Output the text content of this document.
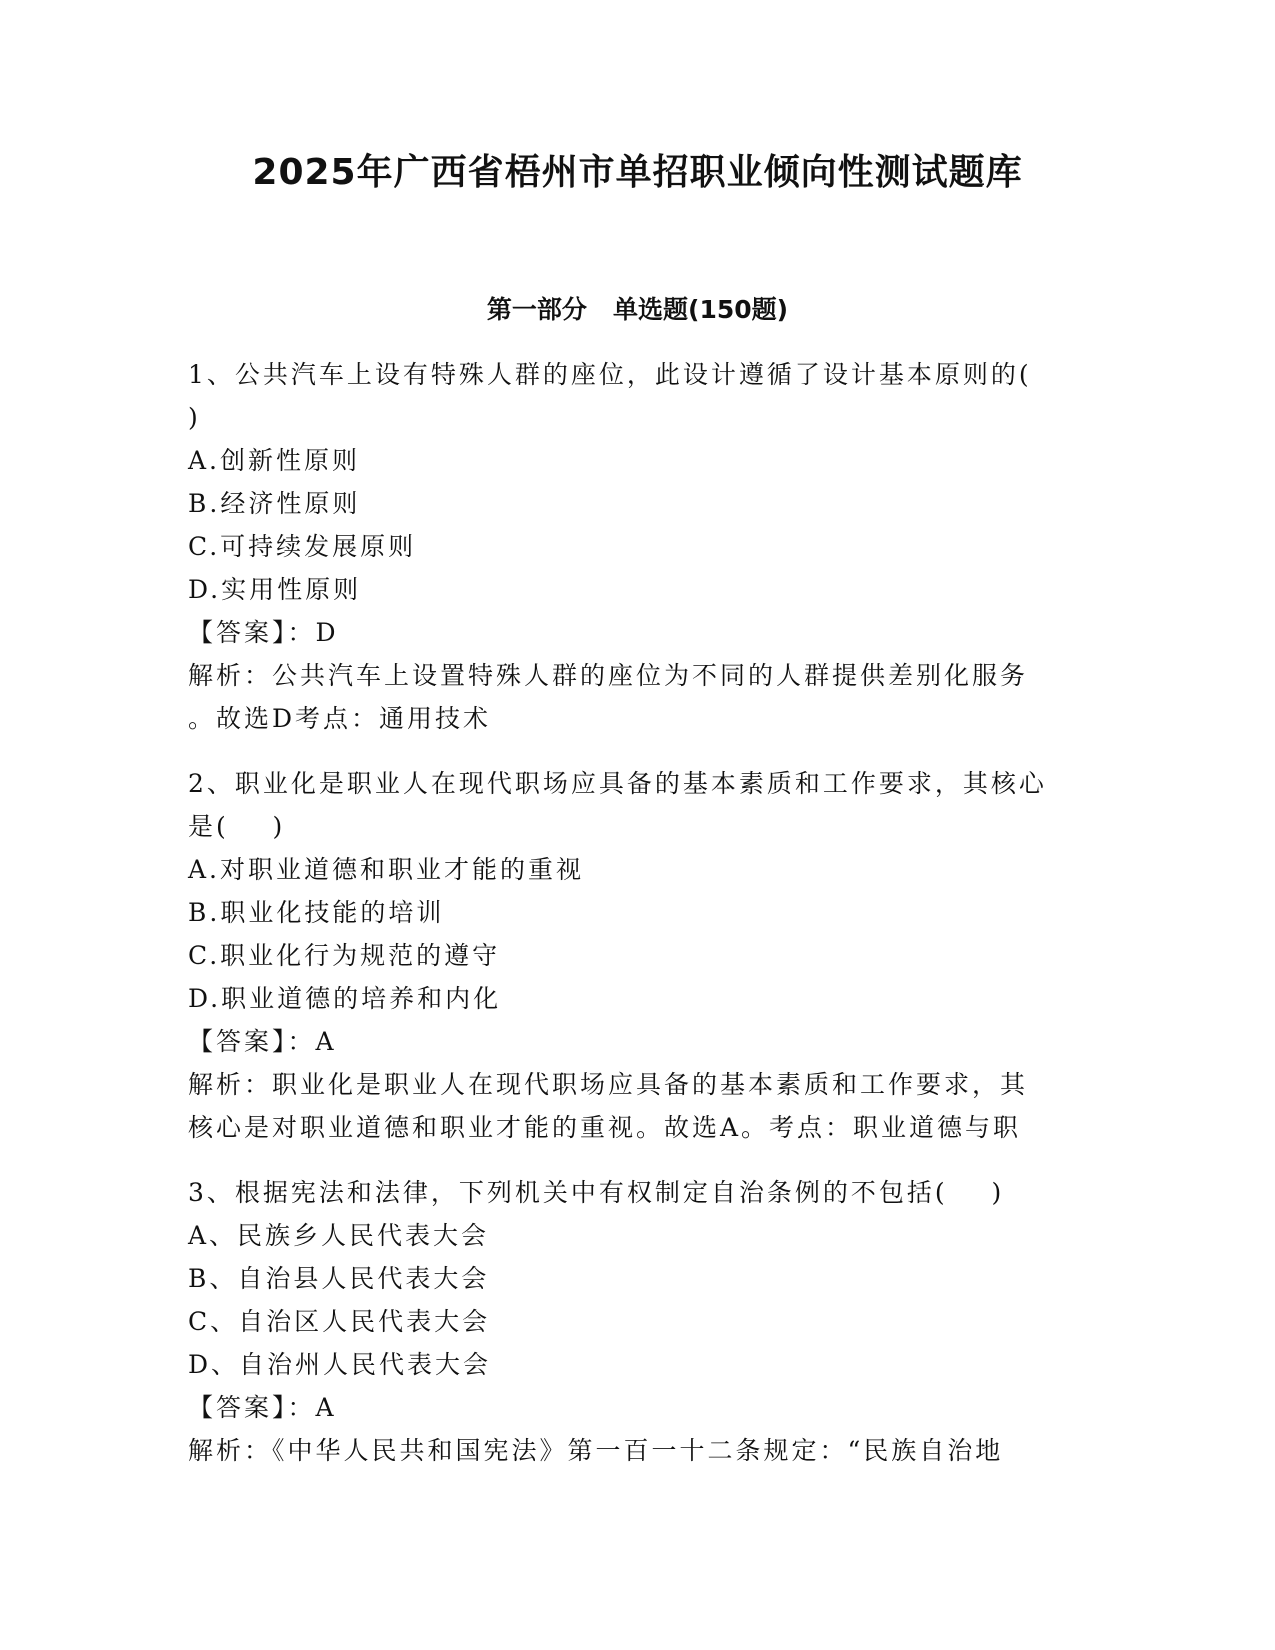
2025年广西省梧州市单招职业倾向性测试题库
第一部分   单选题(150题)
1、公共汽车上设有特殊人群的座位，此设计遵循了设计基本原则的(
)
A.创新性原则
B.经济性原则
C.可持续发展原则
D.实用性原则
【答案】：D
解析：公共汽车上设置特殊人群的座位为不同的人群提供差别化服务
。故选D考点：通用技术
2、职业化是职业人在现代职场应具备的基本素质和工作要求，其核心
是(    )
A.对职业道德和职业才能的重视
B.职业化技能的培训
C.职业化行为规范的遵守
D.职业道德的培养和内化
【答案】：A
解析：职业化是职业人在现代职场应具备的基本素质和工作要求，其
核心是对职业道德和职业才能的重视。故选A。考点：职业道德与职
3、根据宪法和法律，下列机关中有权制定自治条例的不包括(    )
A、民族乡人民代表大会
B、自治县人民代表大会
C、自治区人民代表大会
D、自治州人民代表大会
【答案】：A
解析：《中华人民共和国宪法》第一百一十二条规定：“民族自治地
